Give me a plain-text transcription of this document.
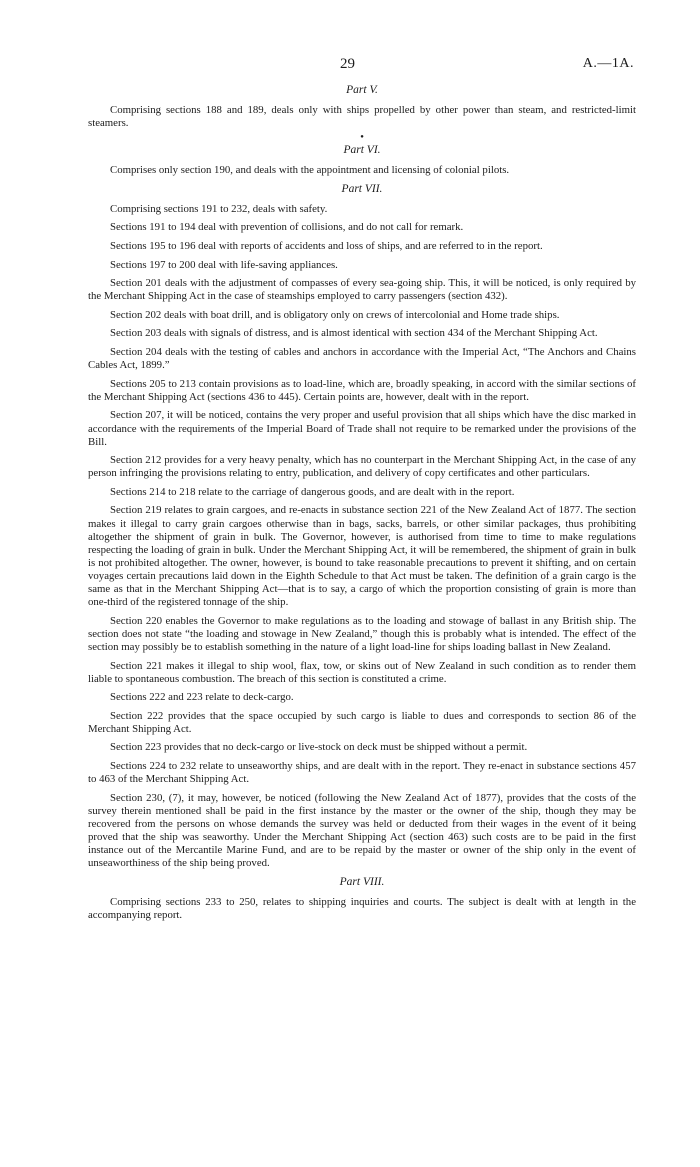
29	A.—1A.
Part V.

Comprising sections 188 and 189, deals only with ships propelled by other power than steam, and restricted-limit steamers.

●
Part VI.

Comprises only section 190, and deals with the appointment and licensing of colonial pilots.

Part VII.

Comprising sections 191 to 232, deals with safety.

Sections 191 to 194 deal with prevention of collisions, and do not call for remark.

Sections 195 to 196 deal with reports of accidents and loss of ships, and are referred to in the report.

Sections 197 to 200 deal with life-saving appliances.

Section 201 deals with the adjustment of compasses of every sea-going ship. This, it will be noticed, is only required by the Merchant Shipping Act in the case of steamships employed to carry passengers (section 432).

Section 202 deals with boat drill, and is obligatory only on crews of intercolonial and Home trade ships.

Section 203 deals with signals of distress, and is almost identical with section 434 of the Merchant Shipping Act.

Section 204 deals with the testing of cables and anchors in accordance with the Imperial Act, “The Anchors and Chains Cables Act, 1899.”

Sections 205 to 213 contain provisions as to load-line, which are, broadly speaking, in accord with the similar sections of the Merchant Shipping Act (sections 436 to 445). Certain points are, however, dealt with in the report.

Section 207, it will be noticed, contains the very proper and useful provision that all ships which have the disc marked in accordance with the requirements of the Imperial Board of Trade shall not require to be remarked under the provisions of the Bill.

Section 212 provides for a very heavy penalty, which has no counterpart in the Merchant Shipping Act, in the case of any person infringing the provisions relating to entry, publication, and delivery of copy certificates and other particulars.

Sections 214 to 218 relate to the carriage of dangerous goods, and are dealt with in the report.

Section 219 relates to grain cargoes, and re-enacts in substance section 221 of the New Zealand Act of 1877. The section makes it illegal to carry grain cargoes otherwise than in bags, sacks, barrels, or other similar packages, thus prohibiting altogether the shipment of grain in bulk. The Governor, however, is authorised from time to time to make regulations respecting the loading of grain in bulk. Under the Merchant Shipping Act, it will be remembered, the shipment of grain in bulk is not prohibited altogether. The owner, however, is bound to take reasonable precautions to prevent it shifting, and on certain voyages certain precautions laid down in the Eighth Schedule to that Act must be taken. The definition of a grain cargo is the same as that in the Merchant Shipping Act—that is to say, a cargo of which the proportion consisting of grain is more than one-third of the registered tonnage of the ship.

Section 220 enables the Governor to make regulations as to the loading and stowage of ballast in any British ship. The section does not state “the loading and stowage in New Zealand,” though this is probably what is intended. The effect of the section may possibly be to establish something in the nature of a light load-line for ships loading ballast in New Zealand.

Section 221 makes it illegal to ship wool, flax, tow, or skins out of New Zealand in such condition as to render them liable to spontaneous combustion. The breach of this section is constituted a crime.

Sections 222 and 223 relate to deck-cargo.

Section 222 provides that the space occupied by such cargo is liable to dues and corresponds to section 86 of the Merchant Shipping Act.

Section 223 provides that no deck-cargo or live-stock on deck must be shipped without a permit.

Sections 224 to 232 relate to unseaworthy ships, and are dealt with in the report. They re-enact in substance sections 457 to 463 of the Merchant Shipping Act.

Section 230, (7), it may, however, be noticed (following the New Zealand Act of 1877), provides that the costs of the survey therein mentioned shall be paid in the first instance by the master or the owner of the ship, though they may be recovered from the persons on whose demands the survey was held or deducted from their wages in the event of it being proved that the ship was seaworthy. Under the Merchant Shipping Act (section 463) such costs are to be paid in the first instance out of the Mercantile Marine Fund, and are to be repaid by the master or owner of the ship only in the event of unseaworthiness of the ship being proved.

Part VIII.

Comprising sections 233 to 250, relates to shipping inquiries and courts. The subject is dealt with at length in the accompanying report.
